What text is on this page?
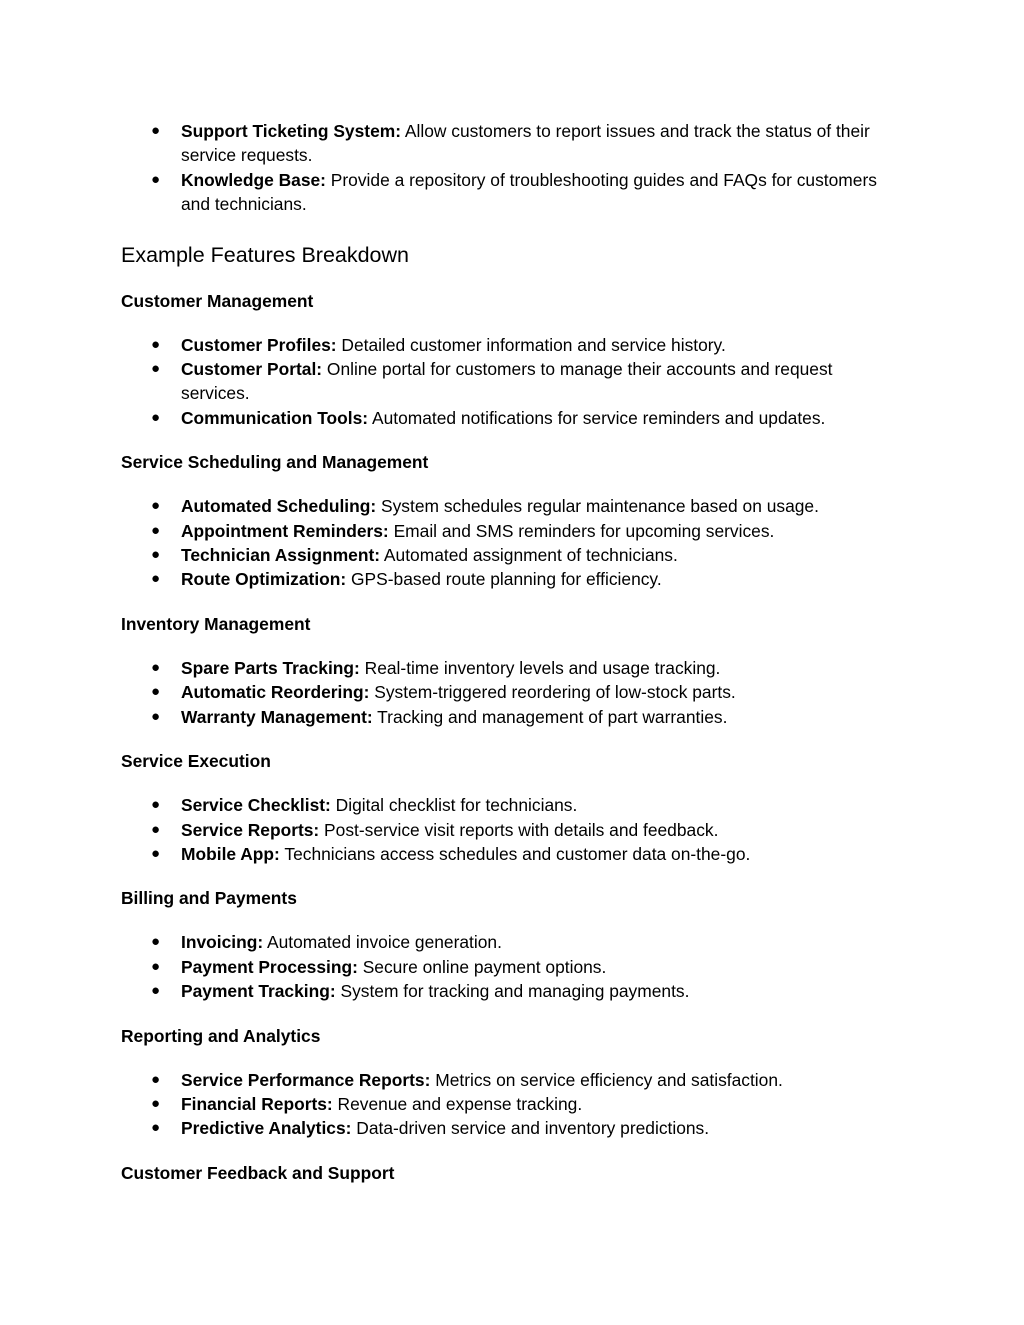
● Support Ticketing System: Allow customers to report issues and track the status of their service requests.
● Knowledge Base: Provide a repository of troubleshooting guides and FAQs for customers and technicians.
Example Features Breakdown
Customer Management
● Customer Profiles: Detailed customer information and service history.
● Customer Portal: Online portal for customers to manage their accounts and request services.
● Communication Tools: Automated notifications for service reminders and updates.
Service Scheduling and Management
● Automated Scheduling: System schedules regular maintenance based on usage.
● Appointment Reminders: Email and SMS reminders for upcoming services.
● Technician Assignment: Automated assignment of technicians.
● Route Optimization: GPS-based route planning for efficiency.
Inventory Management
● Spare Parts Tracking: Real-time inventory levels and usage tracking.
● Automatic Reordering: System-triggered reordering of low-stock parts.
● Warranty Management: Tracking and management of part warranties.
Service Execution
● Service Checklist: Digital checklist for technicians.
● Service Reports: Post-service visit reports with details and feedback.
● Mobile App: Technicians access schedules and customer data on-the-go.
Billing and Payments
● Invoicing: Automated invoice generation.
● Payment Processing: Secure online payment options.
● Payment Tracking: System for tracking and managing payments.
Reporting and Analytics
● Service Performance Reports: Metrics on service efficiency and satisfaction.
● Financial Reports: Revenue and expense tracking.
● Predictive Analytics: Data-driven service and inventory predictions.
Customer Feedback and Support
